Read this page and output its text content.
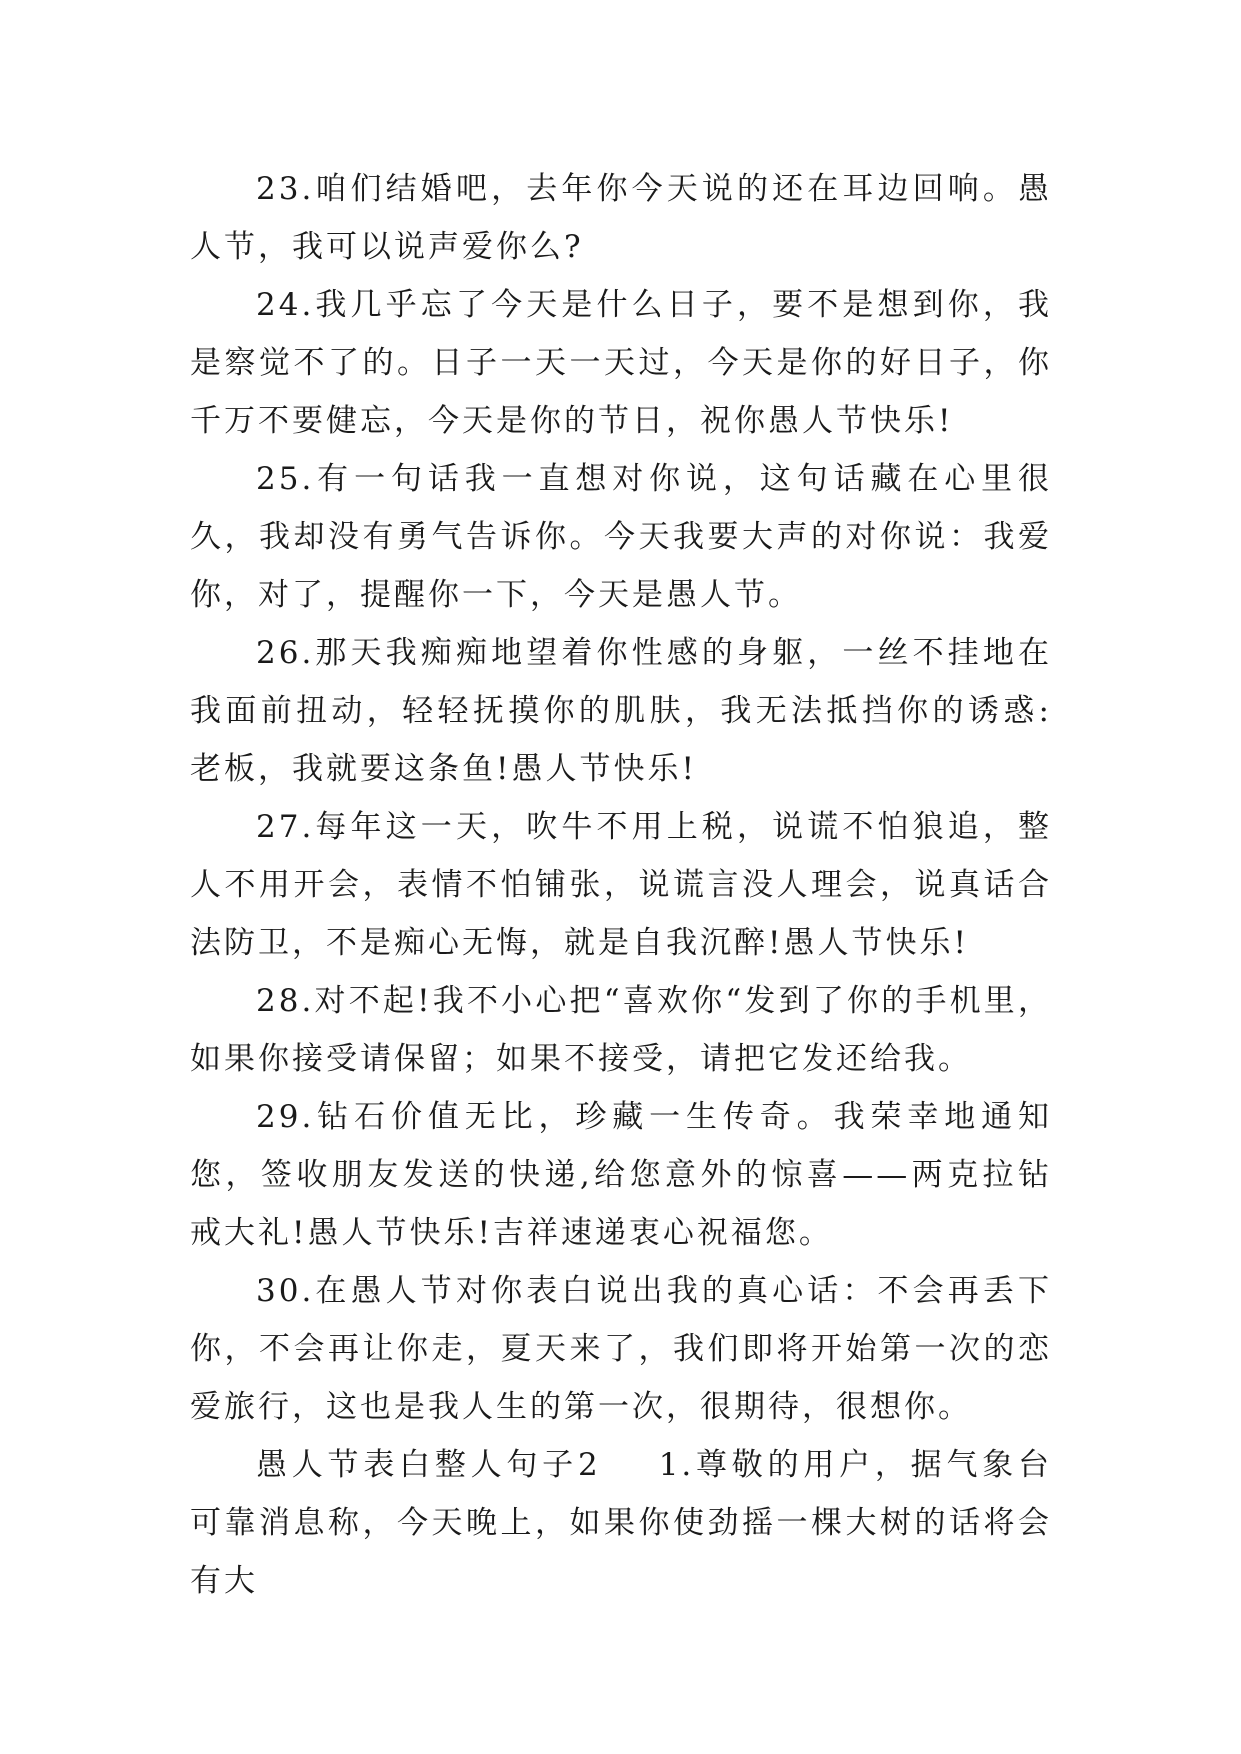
23.咱们结婚吧，去年你今天说的还在耳边回响。愚人节，我可以说声爱你么?

24.我几乎忘了今天是什么日子，要不是想到你，我是察觉不了的。日子一天一天过，今天是你的好日子，你千万不要健忘，今天是你的节日，祝你愚人节快乐!

25.有一句话我一直想对你说，这句话藏在心里很久，我却没有勇气告诉你。今天我要大声的对你说：我爱你，对了，提醒你一下，今天是愚人节。

26.那天我痴痴地望着你性感的身躯，一丝不挂地在我面前扭动，轻轻抚摸你的肌肤，我无法抵挡你的诱惑:老板，我就要这条鱼!愚人节快乐!

27.每年这一天，吹牛不用上税，说谎不怕狼追，整人不用开会，表情不怕铺张，说谎言没人理会，说真话合法防卫，不是痴心无悔，就是自我沉醉!愚人节快乐!

28.对不起!我不小心把“喜欢你“发到了你的手机里，如果你接受请保留；如果不接受，请把它发还给我。

29.钻石价值无比，珍藏一生传奇。我荣幸地通知您，签收朋友发送的快递,给您意外的惊喜——两克拉钻戒大礼!愚人节快乐!吉祥速递衷心祝福您。

30.在愚人节对你表白说出我的真心话：不会再丢下你，不会再让你走，夏天来了，我们即将开始第一次的恋爱旅行，这也是我人生的第一次，很期待，很想你。

愚人节表白整人句子2 1.尊敬的用户，据气象台可靠消息称，今天晚上，如果你使劲摇一棵大树的话将会有大
